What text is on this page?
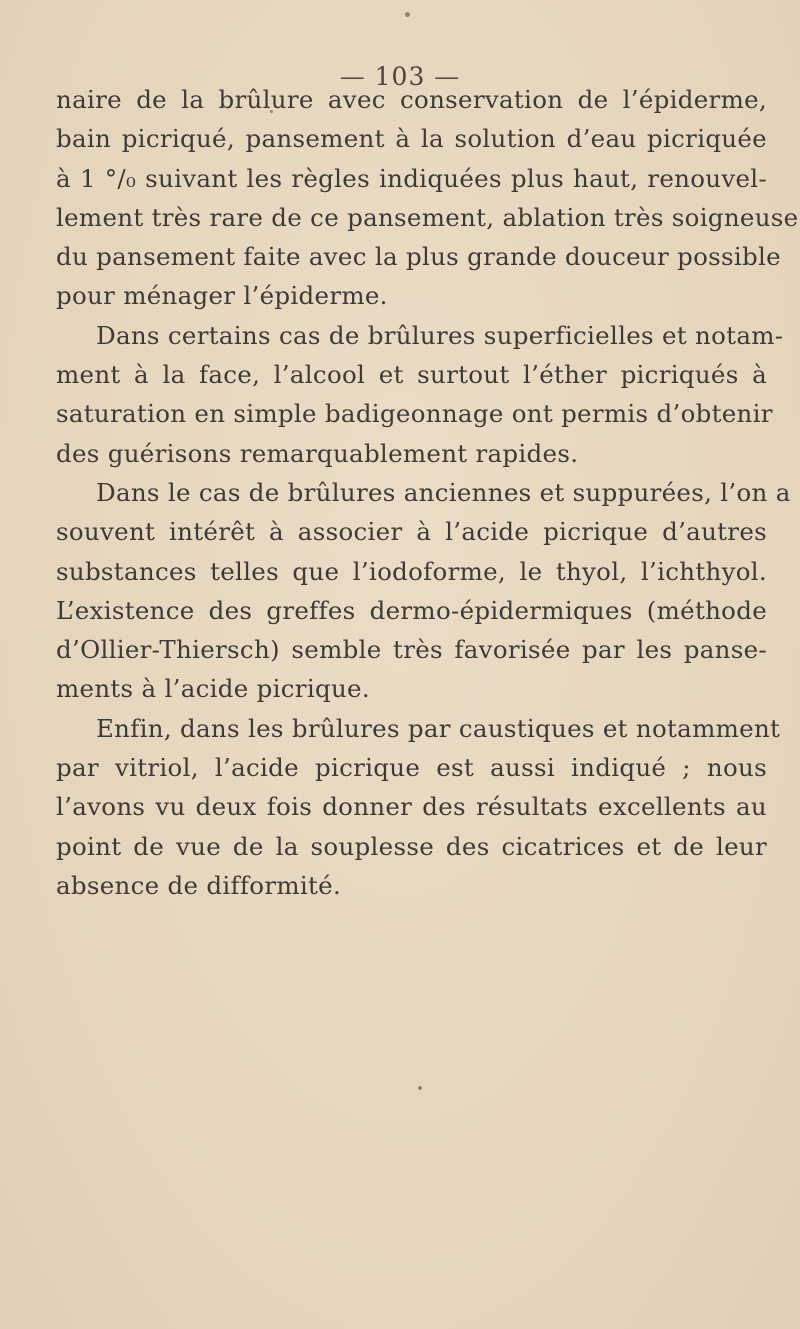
— 103 —
naire de la brûlure avec conservation de l’épiderme,
bain picriqué, pansement à la solution d’eau picriquée
à 1 °/₀ suivant les règles indiquées plus haut, renouvel-
lement très rare de ce pansement, ablation très soigneuse
du pansement faite avec la plus grande douceur possible
pour ménager l’épiderme.
Dans certains cas de brûlures superficielles et notam-
ment à la face, l’alcool et surtout l’éther picriqués à
saturation en simple badigeonnage ont permis d’obtenir
des guérisons remarquablement rapides.
Dans le cas de brûlures anciennes et suppurées, l’on a
souvent intérêt à associer à l’acide picrique d’autres
substances telles que l’iodoforme, le thyol, l’ichthyol.
L’existence des greffes dermo-épidermiques (méthode
d’Ollier-Thiersch) semble très favorisée par les panse-
ments à l’acide picrique.
Enfin, dans les brûlures par caustiques et notamment
par vitriol, l’acide picrique est aussi indiqué ; nous
l’avons vu deux fois donner des résultats excellents au
point de vue de la souplesse des cicatrices et de leur
absence de difformité.
